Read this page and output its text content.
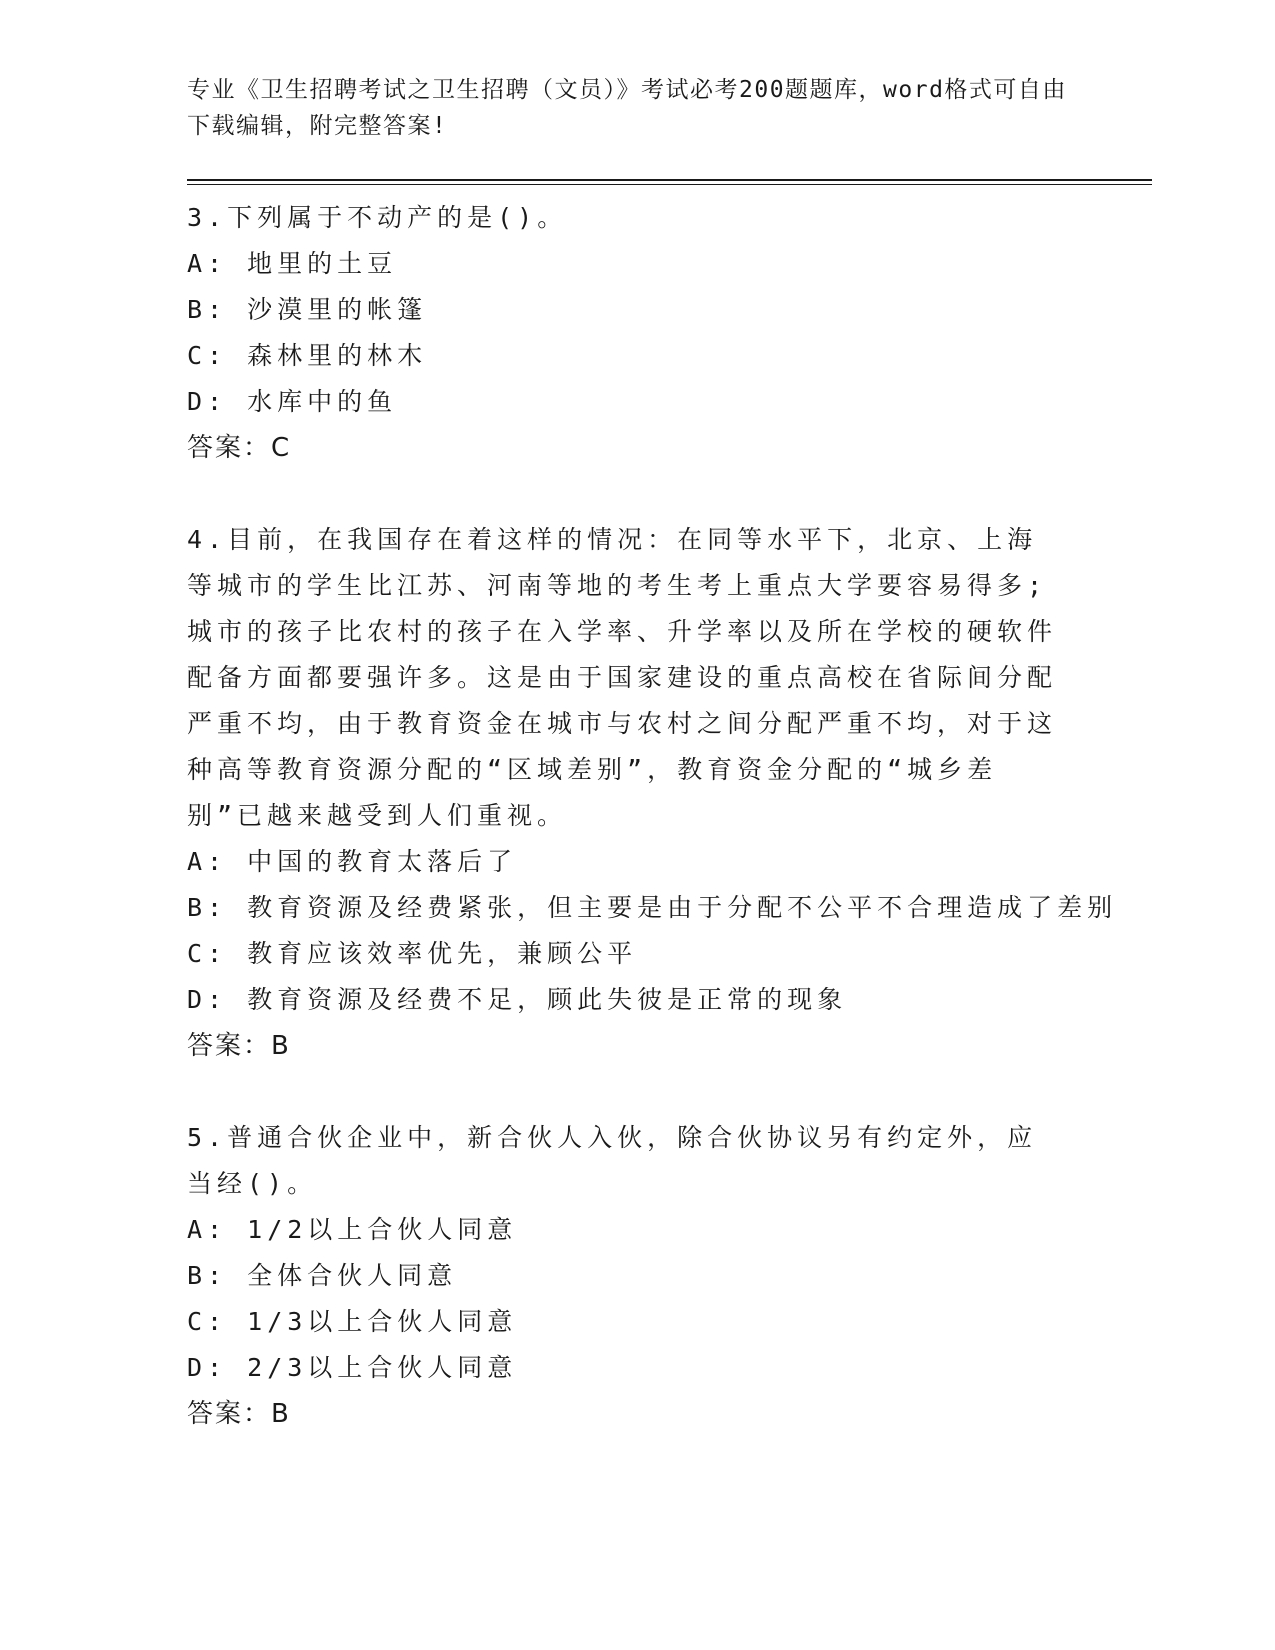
专业《卫生招聘考试之卫生招聘（文员）》考试必考200题题库，word格式可自由下载编辑，附完整答案!

3.下列属于不动产的是()。

A: 地里的土豆

B: 沙漠里的帐篷

C: 森林里的林木

D: 水库中的鱼

答案：C

4.目前，在我国存在着这样的情况：在同等水平下，北京、上海等城市的学生比江苏、河南等地的考生考上重点大学要容易得多;城市的孩子比农村的孩子在入学率、升学率以及所在学校的硬软件配备方面都要强许多。这是由于国家建设的重点高校在省际间分配严重不均，由于教育资金在城市与农村之间分配严重不均，对于这种高等教育资源分配的“区域差别”，教育资金分配的“城乡差别”已越来越受到人们重视。

A: 中国的教育太落后了

B: 教育资源及经费紧张，但主要是由于分配不公平不合理造成了差别

C: 教育应该效率优先，兼顾公平

D: 教育资源及经费不足，顾此失彼是正常的现象

答案：B

5.普通合伙企业中，新合伙人入伙，除合伙协议另有约定外，应当经()。

A: 1/2以上合伙人同意

B: 全体合伙人同意

C: 1/3以上合伙人同意

D: 2/3以上合伙人同意

答案：B
